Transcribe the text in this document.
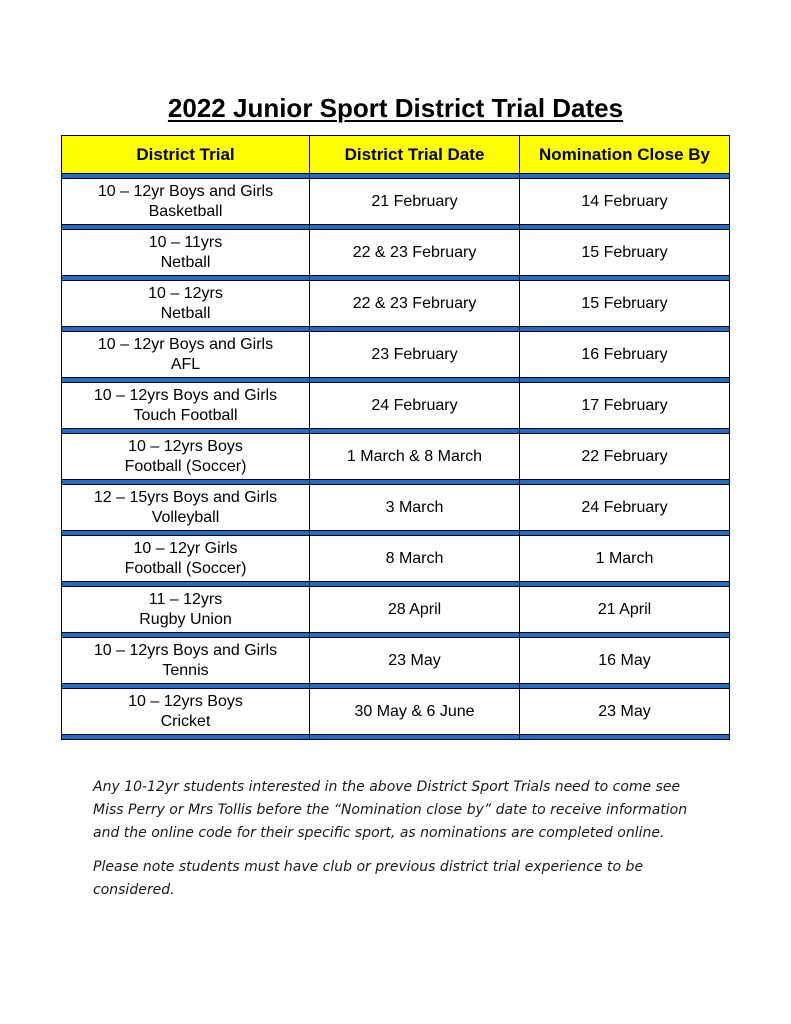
2022 Junior Sport District Trial Dates
District Trial	District Trial Date	Nomination Close By

10 – 12yr Boys and Girls
Basketball	21 February	14 February

10 – 11yrs
Netball	22 & 23 February	15 February

10 – 12yrs
Netball	22 & 23 February	15 February

10 – 12yr Boys and Girls
AFL	23 February	16 February

10 – 12yrs Boys and Girls
Touch Football	24 February	17 February

10 – 12yrs Boys
Football (Soccer)	1 March & 8 March	22 February

12 – 15yrs Boys and Girls
Volleyball	3 March	24 February

10 – 12yr Girls
Football (Soccer)	8 March	1 March

11 – 12yrs
Rugby Union	28 April	21 April

10 – 12yrs Boys and Girls
Tennis	23 May	16 May

10 – 12yrs Boys
Cricket	30 May & 6 June	23 May

Any 10-12yr students interested in the above District Sport Trials need to come see Miss Perry or Mrs Tollis before the “Nomination close by” date to receive information and the online code for their specific sport, as nominations are completed online.

Please note students must have club or previous district trial experience to be considered.
